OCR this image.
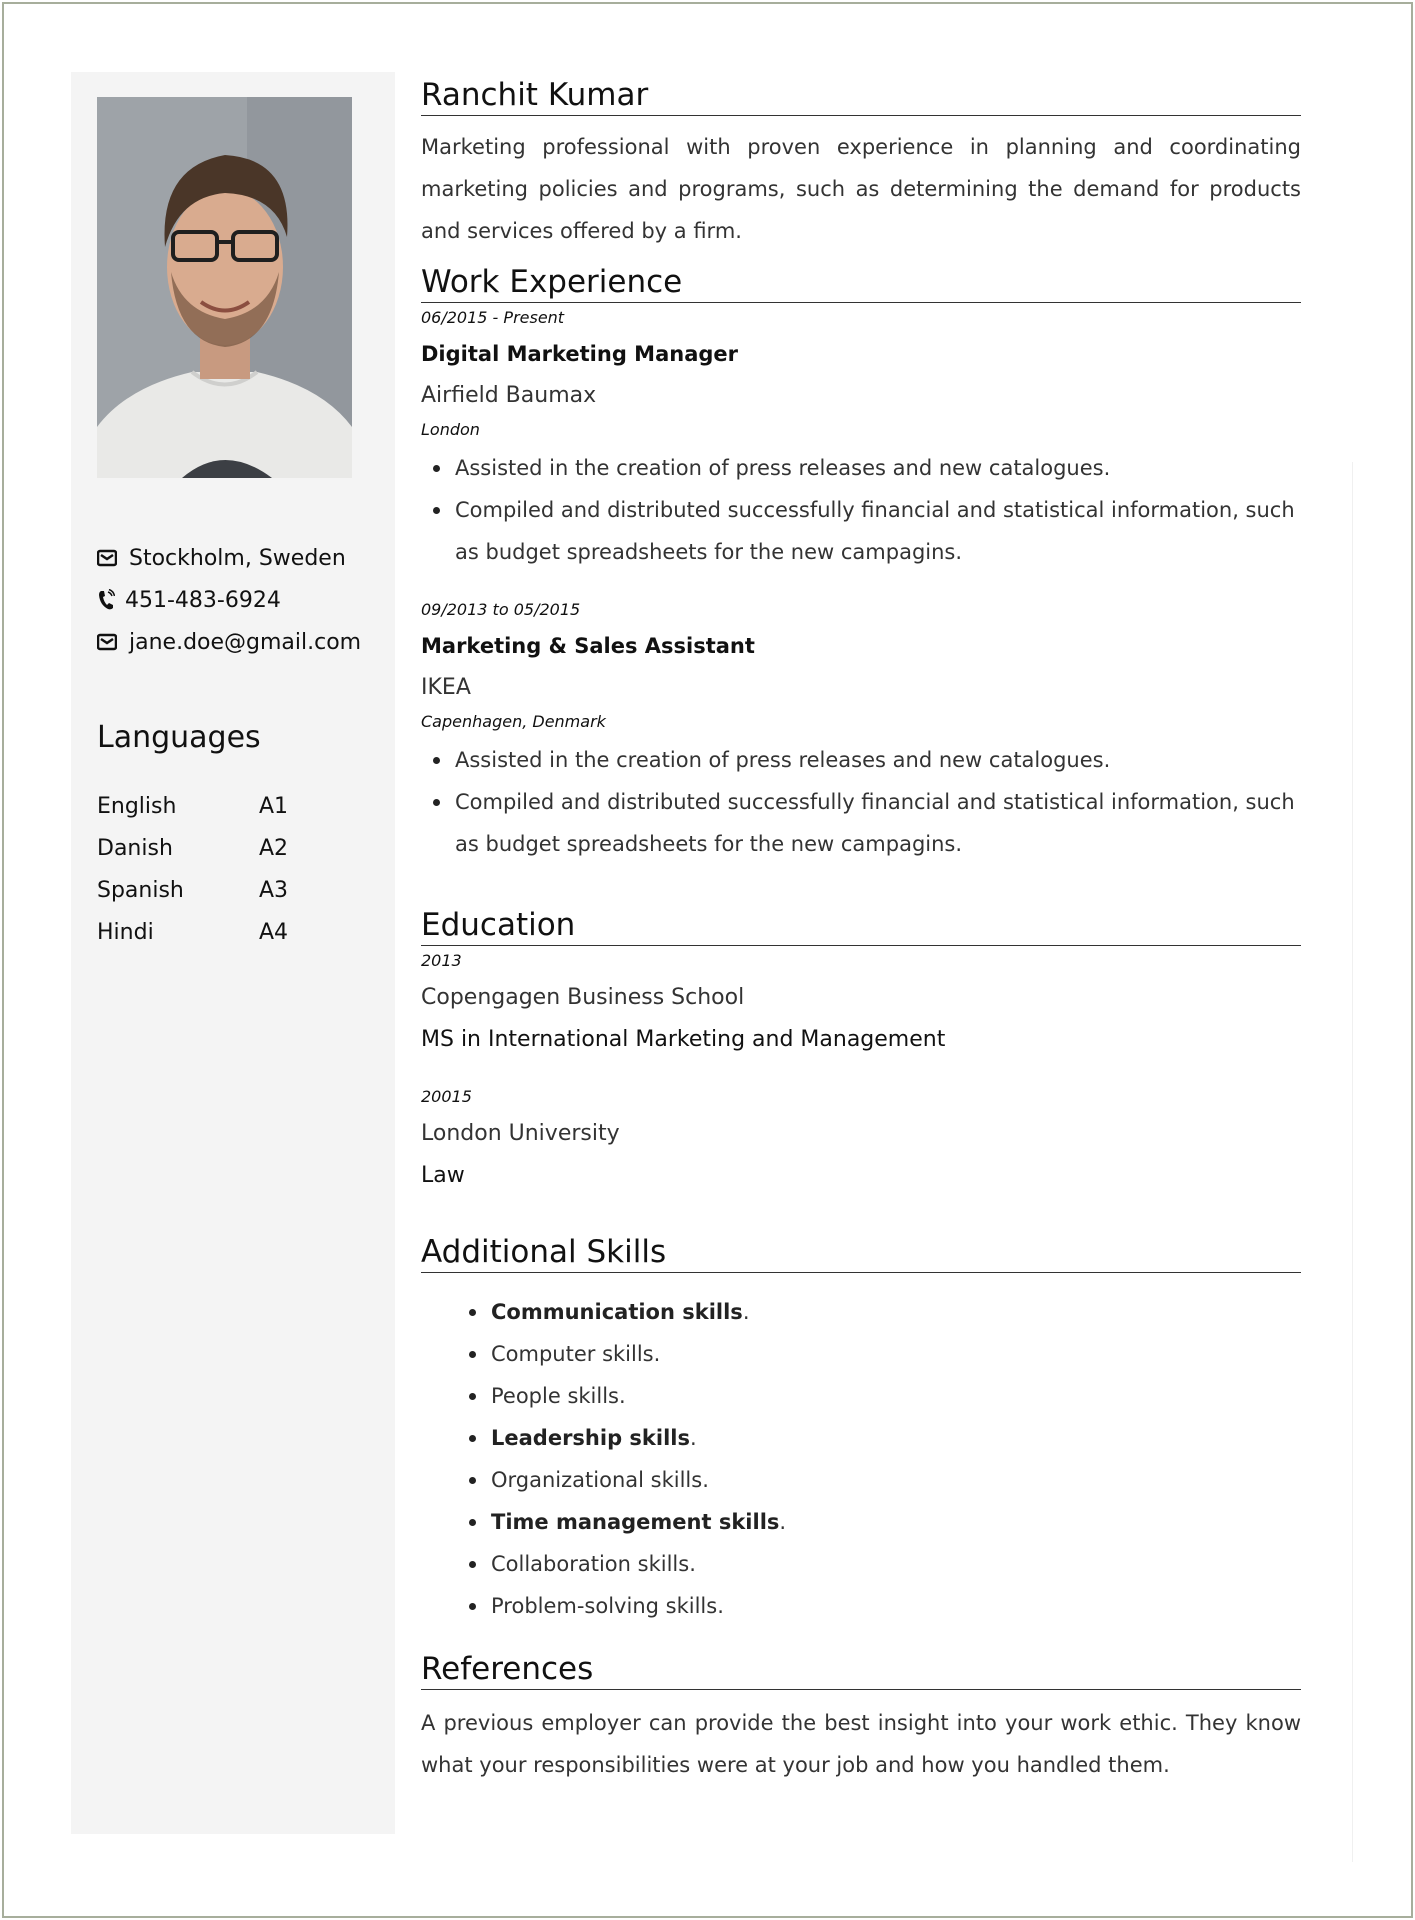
Stockholm, Sweden
451-483-6924
jane.doe@gmail.com
Languages
English	A1
Danish	A2
Spanish	A3
Hindi	A4
Ranchit Kumar

Marketing professional with proven experience in planning and coordinating marketing policies and programs, such as determining the demand for products and services offered by a firm.

Work Experience
06/2015 - Present
Digital Marketing Manager
Airfield Baumax
London
Assisted in the creation of press releases and new catalogues.
Compiled and distributed successfully financial and statistical information, such as budget spreadsheets for the new campagins.
09/2013 to 05/2015
Marketing & Sales Assistant
IKEA
Capenhagen, Denmark
Assisted in the creation of press releases and new catalogues.
Compiled and distributed successfully financial and statistical information, such as budget spreadsheets for the new campagins.
Education
2013
Copengagen Business School
MS in International Marketing and Management
20015
London University
Law
Additional Skills
Communication skills.
Computer skills.
People skills.
Leadership skills.
Organizational skills.
Time management skills.
Collaboration skills.
Problem-solving skills.
References

A previous employer can provide the best insight into your work ethic. They know what your responsibilities were at your job and how you handled them.
